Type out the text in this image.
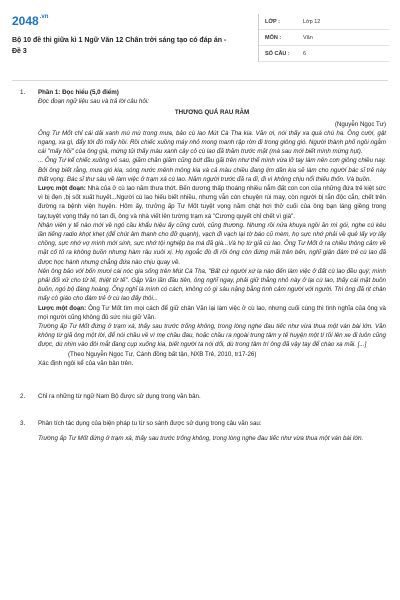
$2048^{.vn}$
Bộ 10 đề thi giữa kì 1 Ngữ Văn 12 Chân trời sáng tạo có đáp án - Đề 3
LỚP :	Lớp 12
MÔN :	Văn
SỐ CÂU :	6
1.	Phần 1: Đọc hiểu (5,0 điểm)

Đọc đoạn ngữ liệu sau và trả lời câu hỏi:

THƯƠNG QUÁ RAU RĂM

(Nguyễn Ngọc Tư)

Ông Tư Mốt chỉ cái dải xanh mù mù trong mưa, bảo cù lao Mút Cà Tha kia. Văn ơi, nói thấy xa quá chú ha. Ông cười, gật ngang, xa gì, đẩy tới đó mấy hồi. Rồi chiếc xuồng máy nhỏ mong manh rập rờn đi trong giông gió. Người thành phố ngồi ngẫm cái "mấy hồi" của ông già, mừng tủi thấy màu xanh cây cỏ cù lao đã thăm trước mặt (mà sau mới biết mình mừng hụt).

... Ông Tư kể chiếc xuồng vỏ sau, giăm chăn giăm cũng bứt đầu gãi trên như thế mình vừa lỡ tay làm nên cơn giông chiều nay. Bởi ông biết rằng, mưa gió kia, sóng nước mênh mông kia và cả màu chiều đang lịm dần kia sẽ làm cho người bác sĩ trẻ này thất vọng. Bác sĩ thư sáu về làm việc ở trạm xá cù lao. Năm người trước đã ra đi, đi vì không chịu nổi thiếu thốn. Và buồn.

Lược một đoạn: Nhà của ở cù lao năm thưa thớt. Bến dương thấp thoáng nhiều nắm đất con con của những đứa trẻ kiệt sức vì bị đẹn ,bị sốt xuất huyết...Người cù lao hiếu biết nhiều, nhưng vẫn còn chuyện rùi may, còn người bị rắn độc cắn, chết trên đường ra bệnh viện huyện. Hôm ấy, trưởng ấp Tư Mốt tuyệt vọng năm chật hơi thở cuối của ông bạn láng giềng trong tay,tuyệt vọng thấy nó tan đi, ông và nhà viết lên tường trạm xá "Cương quyết chỉ chết vì già".

Nhận viên y tế nào mới về ngó cầu khẩu hiệu ấy cũng cười, cũng thương. Nhưng rồi nửa khuya ngồi ăn mì gói, nghe cú kêu lần tiếng radio khọt khẹt (để chút âm thanh cho đỡ quạnh), vạch đi vạch lại tờ báo cũ mèm, họ sực nhớ phải về quê lấy vợ lấy chồng, sực nhớ vợ mình mới sinh, sực nhớ tội nghiệp ba má đã già...Và họ từ giã cù lao. Ông Tư Mốt ở ra chiều thông cảm về mặt cố tỏ ra không buồn nhưng hàm râu xuôi xị. Họ ngoắc đò đi rồi ông còn đứng mãi trên bến, nghĩ giận đám trẻ cù lao đã được học hành nhưng chẳng đứa nào chịu quay về.

Nên ông bảo với bốn mươi cái nóc gia sống trên Mút Cà Tha, "Bất cứ người xứ lạ nào đến làm việc ở đất cù lao đều quý; mình phải đối xử cho tử tế, thiệt tử tế". Gặp Văn lần đầu tiên, ông nghĩ ngay, phải giữ thằng nhỏ này ở lại cù lao, thấy cái mặt buồn buồn, ngó bộ đáng hoàng. Ông nghĩ là mình có cách, không có gì sâu nặng bằng tình cảm người với người. Thì ông đã rịt chân mấy cô giáo cho đám trẻ ở cù lao đấy thôi...

Lược một đoạn: Ông Tư Mốt tìm mọi cách để giữ chân Văn lại làm việc ở cù lao, nhưng cuối cùng thì tình nghĩa của ông và mọi người cũng không đủ sức níu giữ Văn.

Trường ấp Tư Mốt đứng ở trạm xá, thấy sau trước trống không, trong lòng nghe đau tiếc như vừa thua một ván bài lớn. Văn không từ giã ông một lời, để nói chầu về vì mẹ chầu đau, hoặc chầu ra ngoài trung tâm y tế huyện một tí rồi lên xe đi luôn cũng được, dù nhìn vào đôi mắt đang cụp xuống kia, biết người ta nói dối, dù trong tâm trí ông đã vậy tay để chào xa mãi. [...]

(Theo Nguyễn Ngọc Tư, Cánh đồng bất tận, NXB Trẻ, 2010, tr17-26)

Xác định ngôi kể của văn bản trên.

2.	Chỉ ra những từ ngữ Nam Bộ được sử dụng trong văn bản.

3.	Phân tích tác dụng của biện pháp tu từ so sánh được sử dụng trong câu văn sau:

Trường ấp Tư Mốt đứng ở trạm xá, thấy sau trước trống không, trong lòng nghe đau tiếc như vừa thua một ván bài lớn.
